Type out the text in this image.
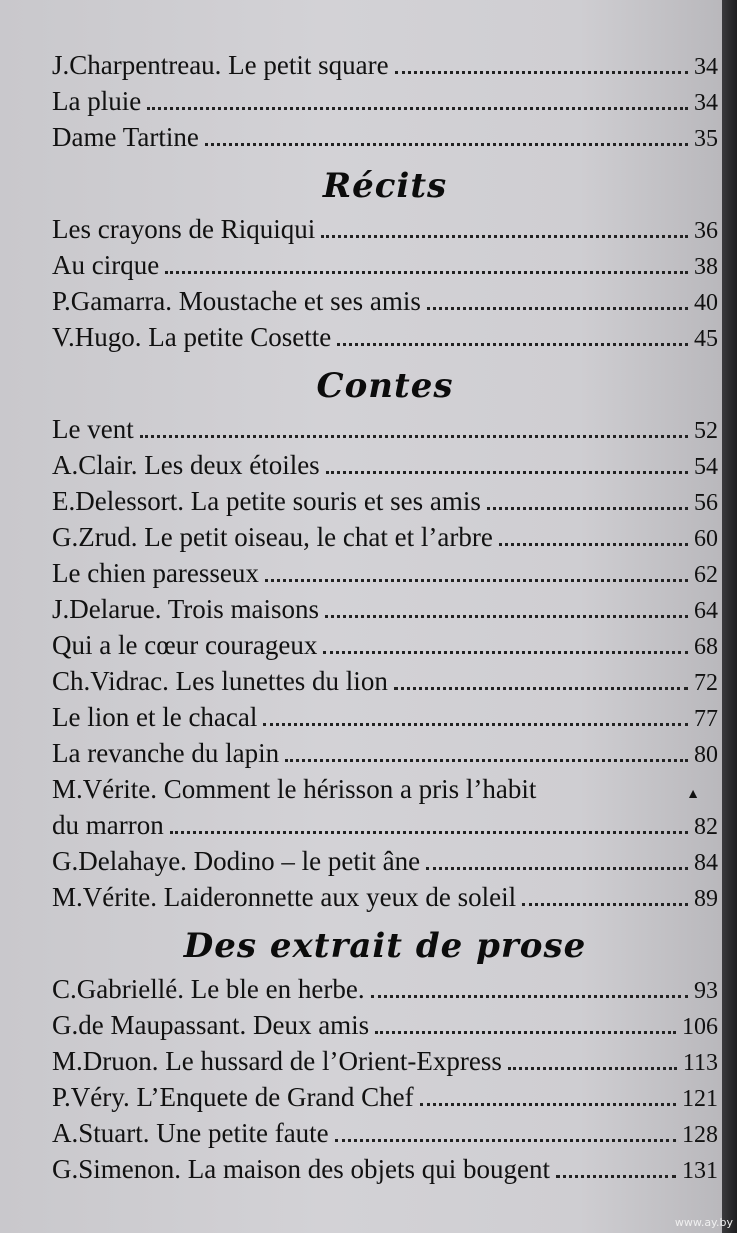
J.Charpentreau. Le petit square	34
La pluie	34
Dame Tartine	35
Récits
Les crayons de Riquiqui	36
Au cirque	38
P.Gamarra. Moustache et ses amis	40
V.Hugo. La petite Cosette	45
Contes
Le vent	52
A.Clair. Les deux étoiles	54
E.Delessort. La petite souris et ses amis	56
G.Zrud. Le petit oiseau, le chat et l’arbre	60
Le chien paresseux	62
J.Delarue. Trois maisons	64
Qui a le cœur courageux	68
Ch.Vidrac. Les lunettes du lion	72
Le lion et le chacal	77
La revanche du lapin	80
M.Vérite. Comment le hérisson a pris l’habit	▲
du marron	82
G.Delahaye. Dodino – le petit âne	84
M.Vérite. Laideronnette aux yeux de soleil	89
Des extrait de prose
C.Gabriellé. Le ble en herbe.	93
G.de Maupassant. Deux amis	106
M.Druon. Le hussard de l’Orient-Express	113
P.Véry. L’Enquete de Grand Chef	121
A.Stuart. Une petite faute	128
G.Simenon. La maison des objets qui bougent	131
www.ay.by
